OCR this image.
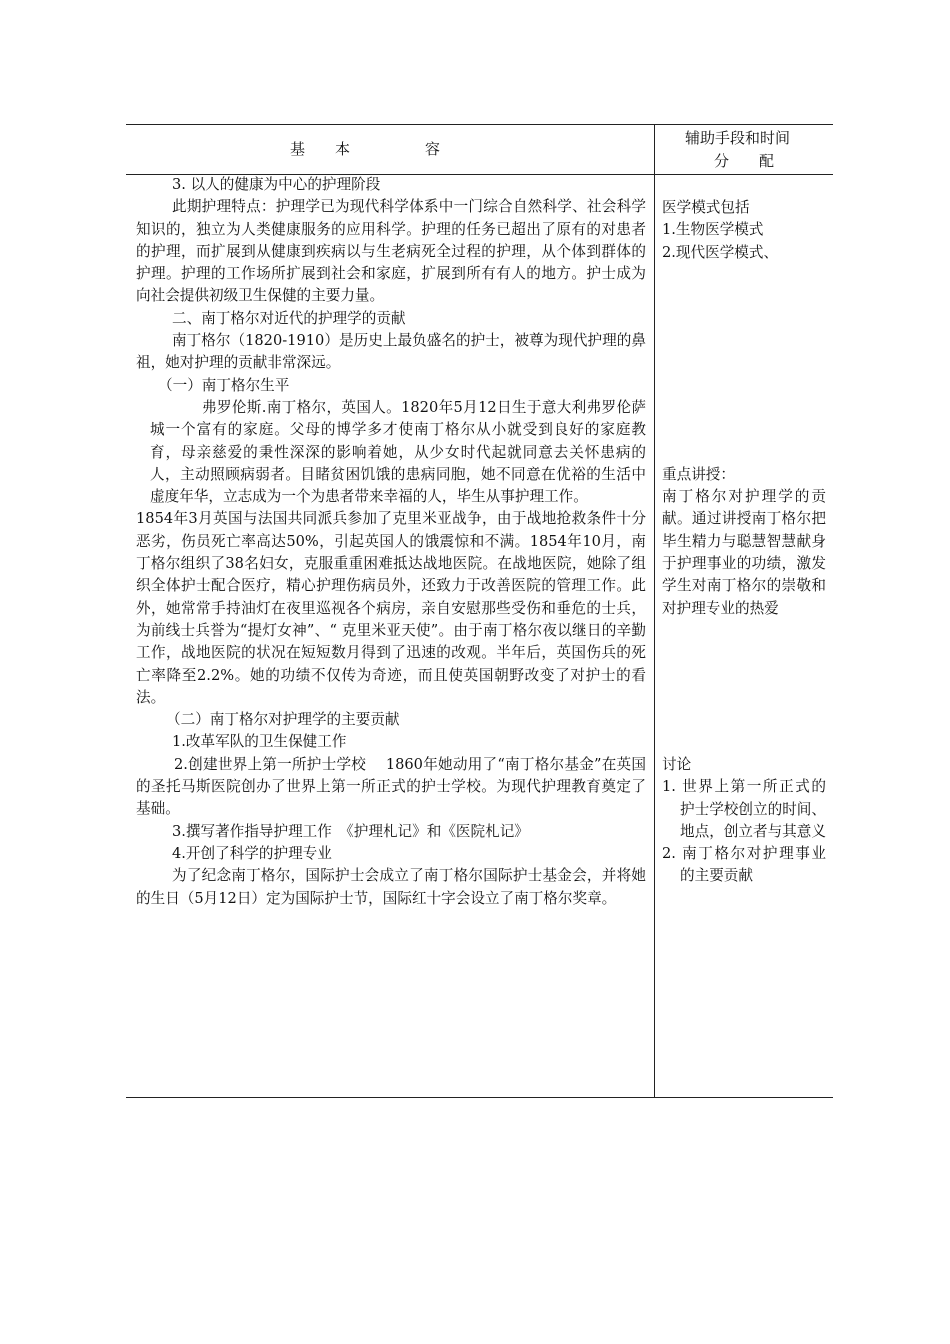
基　　本　　　　　容
辅助手段和时间
分　　配

3. 以人的健康为中心的护理阶段

此期护理特点：护理学已为现代科学体系中一门综合自然科学、社会科学知识的，独立为人类健康服务的应用科学。护理的任务已超出了原有的对患者的护理，而扩展到从健康到疾病以与生老病死全过程的护理，从个体到群体的护理。护理的工作场所扩展到社会和家庭，扩展到所有有人的地方。护士成为向社会提供初级卫生保健的主要力量。

二、南丁格尔对近代的护理学的贡献

南丁格尔（1820-1910）是历史上最负盛名的护士，被尊为现代护理的鼻祖，她对护理的贡献非常深远。

（一）南丁格尔生平

弗罗伦斯.南丁格尔，英国人。1820年5月12日生于意大利弗罗伦萨城一个富有的家庭。父母的博学多才使南丁格尔从小就受到良好的家庭教育，母亲慈爱的秉性深深的影响着她，从少女时代起就同意去关怀患病的人，主动照顾病弱者。目睹贫困饥饿的患病同胞，她不同意在优裕的生活中虚度年华，立志成为一个为患者带来幸福的人，毕生从事护理工作。

1854年3月英国与法国共同派兵参加了克里米亚战争，由于战地抢救条件十分恶劣，伤员死亡率高达50%，引起英国人的饿震惊和不满。1854年10月，南丁格尔组织了38名妇女，克服重重困难抵达战地医院。在战地医院，她除了组织全体护士配合医疗，精心护理伤病员外，还致力于改善医院的管理工作。此外，她常常手持油灯在夜里巡视各个病房，亲自安慰那些受伤和垂危的士兵，为前线士兵誉为“提灯女神”、“ 克里米亚天使”。由于南丁格尔夜以继日的辛勤工作，战地医院的状况在短短数月得到了迅速的改观。半年后，英国伤兵的死亡率降至2.2%。她的功绩不仅传为奇迹，而且使英国朝野改变了对护士的看法。

（二）南丁格尔对护理学的主要贡献

1.改革军队的卫生保健工作

2.创建世界上第一所护士学校　 1860年她动用了“南丁格尔基金”在英国的圣托马斯医院创办了世界上第一所正式的护士学校。为现代护理教育奠定了基础。

3.撰写著作指导护理工作　《护理札记》和《医院札记》

4.开创了科学的护理专业

为了纪念南丁格尔，国际护士会成立了南丁格尔国际护士基金会，并将她的生日（5月12日）定为国际护士节，国际红十字会设立了南丁格尔奖章。

医学模式包括

1.生物医学模式

2.现代医学模式、

重点讲授：

南丁格尔对护理学的贡献。通过讲授南丁格尔把毕生精力与聪慧智慧献身于护理事业的功绩，激发学生对南丁格尔的崇敬和对护理专业的热爱

讨论

1. 世界上第一所正式的护士学校创立的时间、地点，创立者与其意义

2. 南丁格尔对护理事业的主要贡献
